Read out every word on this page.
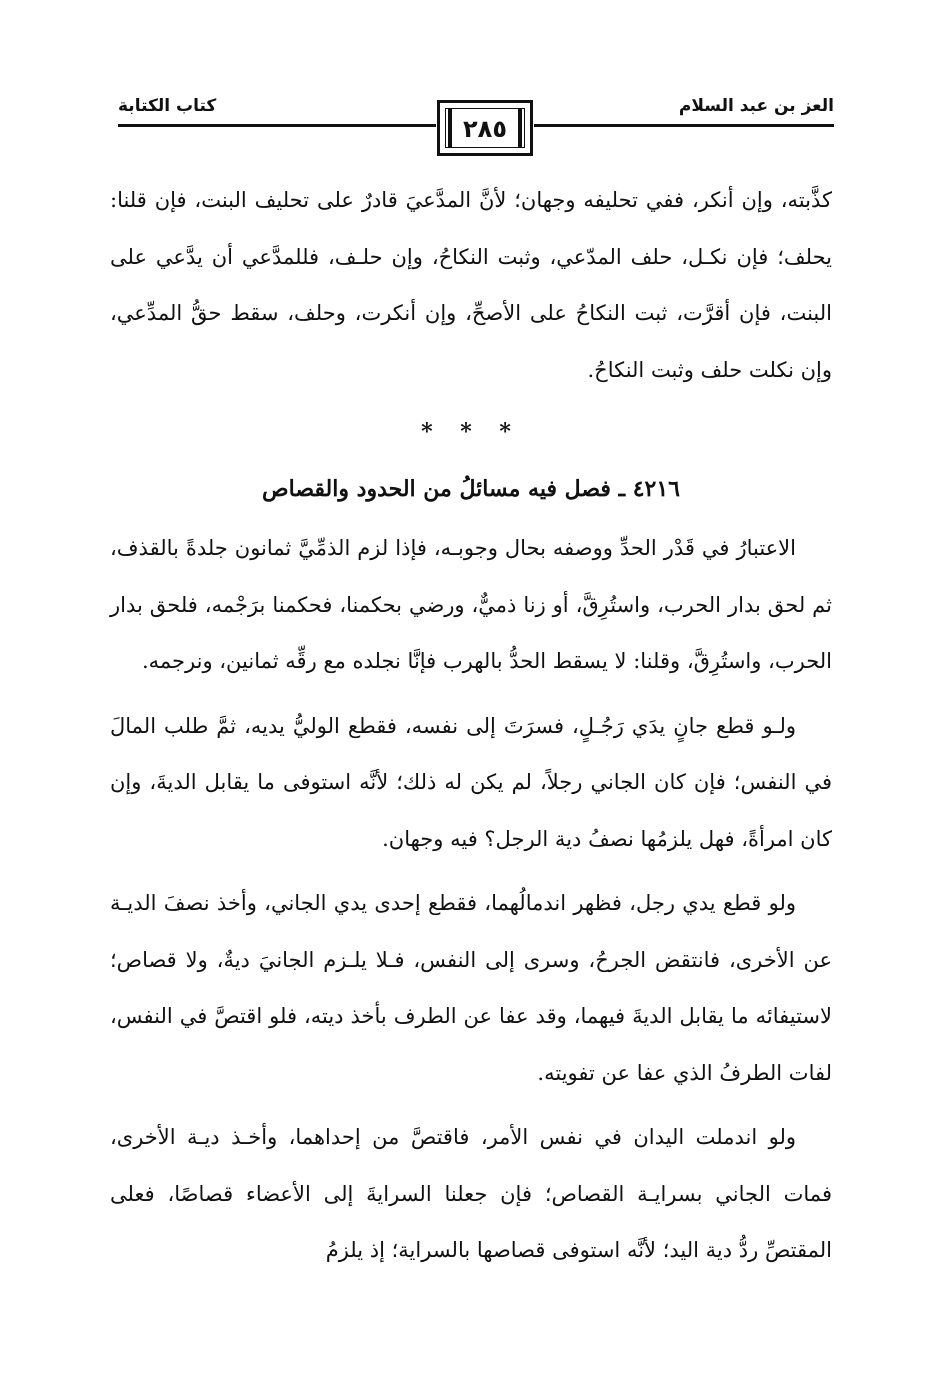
العز بن عبد السلام
كتاب الكتابة
٢٨٥

كذَّبته، وإن أنكر، ففي تحليفه وجهان؛ لأنَّ المدَّعيَ قادرٌ على تحليف البنت، فإن قلنا: يحلف؛ فإن نكـل، حلف المدّعي، وثبت النكاحُ، وإن حلـف، فللمدَّعي أن يدَّعي على البنت، فإن أقرَّت، ثبت النكاحُ على الأصحِّ، وإن أنكرت، وحلف، سقط حقُّ المدِّعي، وإن نكلت حلف وثبت النكاحُ.

* * *
٤٢١٦ ـ فصل فيه مسائلُ من الحدود والقصاص

الاعتبارُ في قَدْر الحدِّ ووصفه بحال وجوبـه، فإذا لزم الذمِّيَّ ثمانون جلدةً بالقذف، ثم لحق بدار الحرب، واستُرِقَّ، أو زنا ذميٌّ، ورضي بحكمنا، فحكمنا برَجْمه، فلحق بدار الحرب، واستُرِقَّ، وقلنا: لا يسقط الحدُّ بالهرب فإنَّا نجلده مع رقِّه ثمانين، ونرجمه.

ولـو قطع جانٍ يدَي رَجُـلٍ، فسرَتَ إلى نفسه، فقطع الوليُّ يديه، ثمَّ طلب المالَ في النفس؛ فإن كان الجاني رجلاً، لم يكن له ذلك؛ لأنَّه استوفى ما يقابل الديةَ، وإن كان امرأةً، فهل يلزمُها نصفُ دية الرجل؟ فيه وجهان.

ولو قطع يدي رجل، فظهر اندمالُهما، فقطع إحدى يدي الجاني، وأخذ نصفَ الديـة عن الأخرى، فانتقض الجرحُ، وسرى إلى النفس، فـلا يلـزم الجانيَ ديةٌ، ولا قصاص؛ لاستيفائه ما يقابل الديةَ فيهما، وقد عفا عن الطرف بأخذ ديته، فلو اقتصَّ في النفس، لفات الطرفُ الذي عفا عن تفويته.

ولو اندملت اليدان في نفس الأمر، فاقتصَّ من إحداهما، وأخـذ ديـة الأخرى، فمات الجاني بسرايـة القصاص؛ فإن جعلنا السرايةَ إلى الأعضاء قصاصًا، فعلى المقتصِّ ردُّ دية اليد؛ لأنَّه استوفى قصاصها بالسراية؛ إذ يلزمُ
